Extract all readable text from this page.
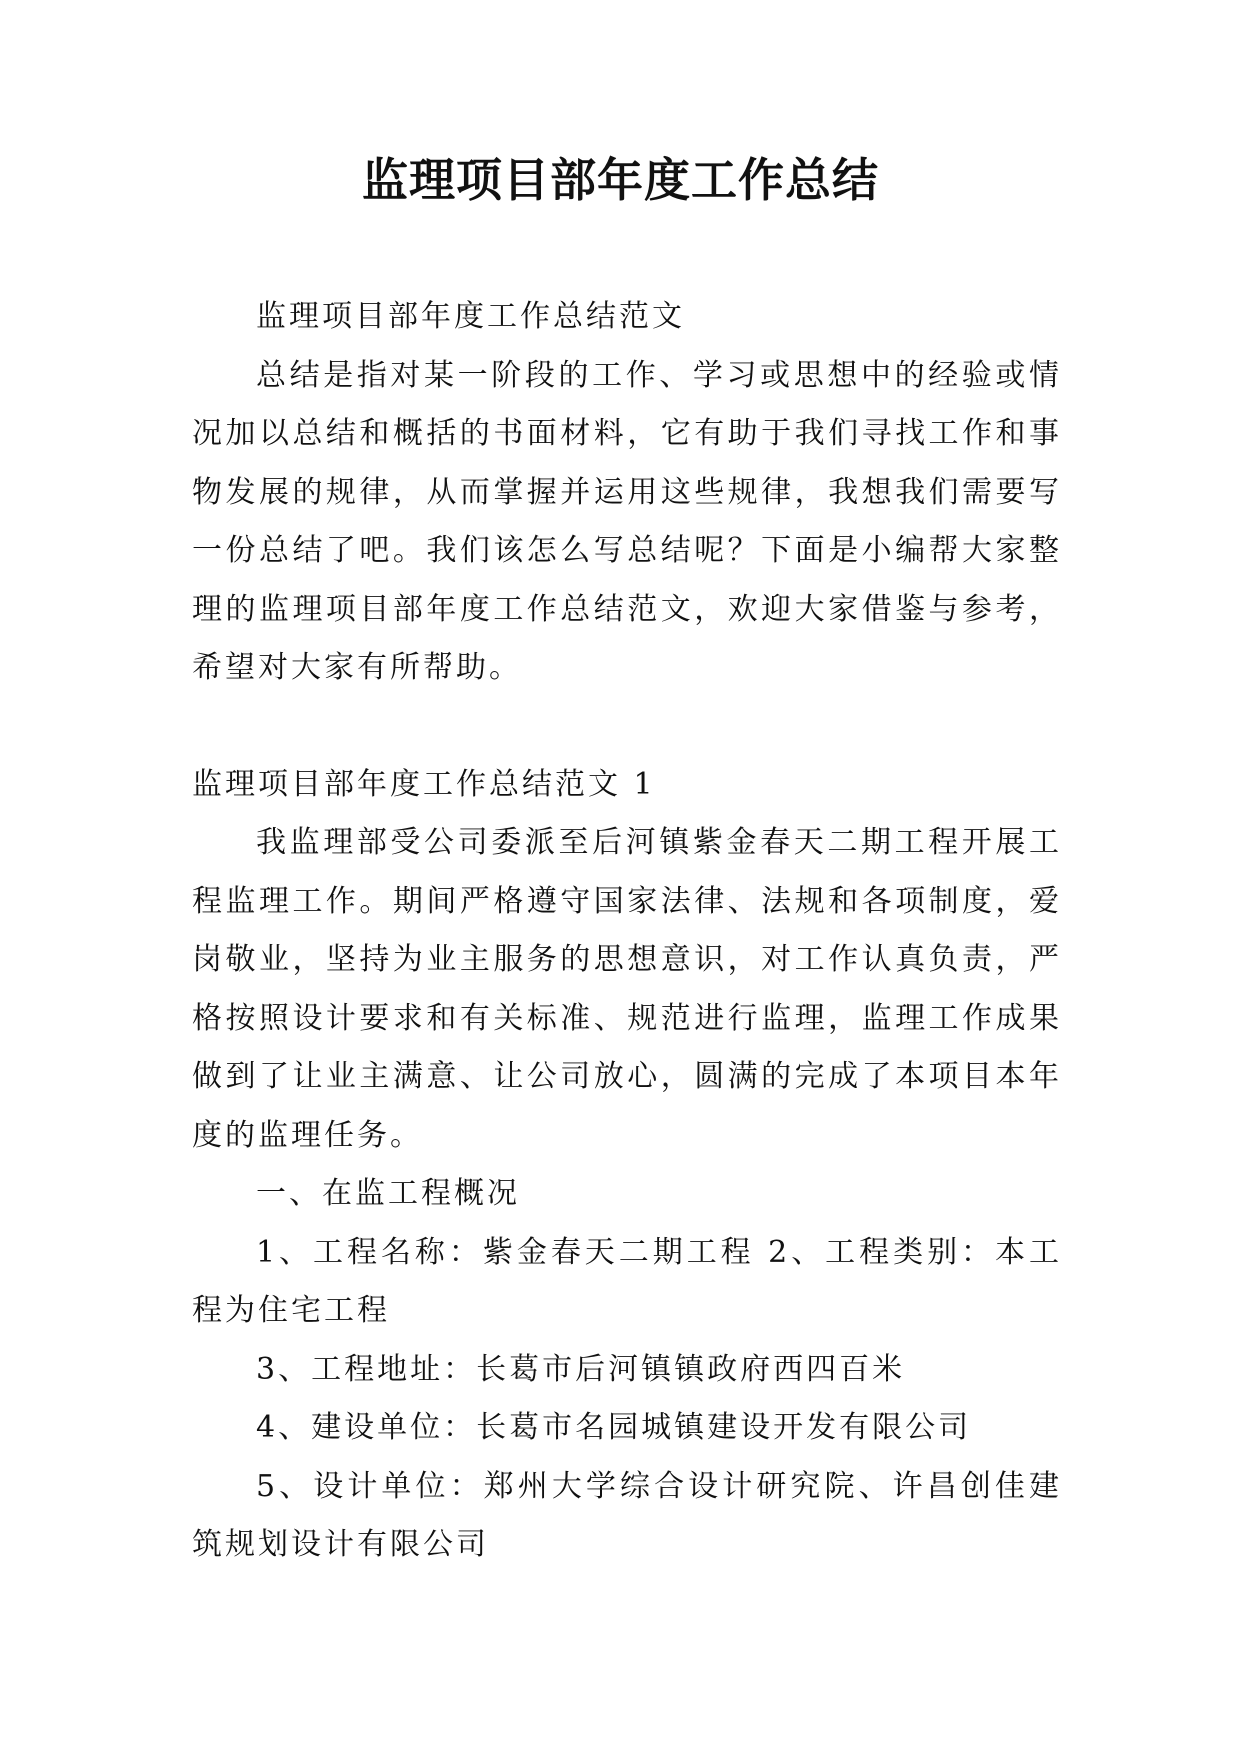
监理项目部年度工作总结

监理项目部年度工作总结范文

总结是指对某一阶段的工作、学习或思想中的经验或情况加以总结和概括的书面材料，它有助于我们寻找工作和事物发展的规律，从而掌握并运用这些规律，我想我们需要写一份总结了吧。我们该怎么写总结呢？下面是小编帮大家整理的监理项目部年度工作总结范文，欢迎大家借鉴与参考，希望对大家有所帮助。

监理项目部年度工作总结范文 1

我监理部受公司委派至后河镇紫金春天二期工程开展工程监理工作。期间严格遵守国家法律、法规和各项制度，爱岗敬业，坚持为业主服务的思想意识，对工作认真负责，严格按照设计要求和有关标准、规范进行监理，监理工作成果做到了让业主满意、让公司放心，圆满的完成了本项目本年度的监理任务。

一、在监工程概况

1、工程名称：紫金春天二期工程 2、工程类别：本工程为住宅工程

3、工程地址：长葛市后河镇镇政府西四百米

4、建设单位：长葛市名园城镇建设开发有限公司

5、设计单位：郑州大学综合设计研究院、许昌创佳建筑规划设计有限公司
